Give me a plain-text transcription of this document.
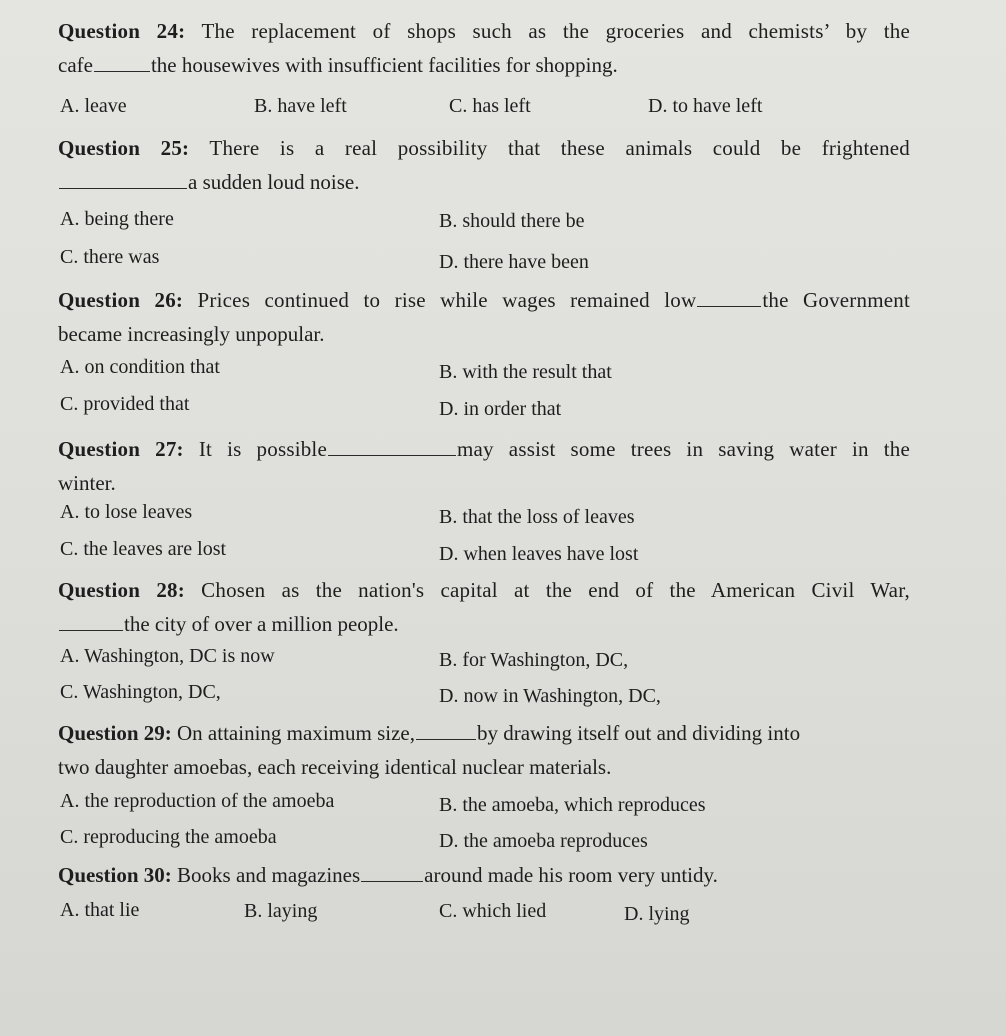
Question 24: The replacement of shops such as the groceries and chemists’ by the
cafe	the housewives with insufficient facilities for shopping.
A. leave	B. have left	C. has left	D. to have left
Question 25: There is a real possibility that these animals could be frightened
a sudden loud noise.
A. being there	B. should there be
C. there was	D. there have been
Question 26: Prices continued to rise while wages remained low	the Government
became increasingly unpopular.
A. on condition that	B. with the result that
C. provided that	D. in order that
Question 27: It is possible	may assist some trees in saving water in the
winter.
A. to lose leaves	B. that the loss of leaves
C. the leaves are lost	D. when leaves have lost
Question 28: Chosen as the nation's capital at the end of the American Civil War,
the city of over a million people.
A. Washington, DC is now	B. for Washington, DC,
C. Washington, DC,	D. now in Washington, DC,
Question 29: On attaining maximum size,	by drawing itself out and dividing into
two daughter amoebas, each receiving identical nuclear materials.
A. the reproduction of the amoeba	B. the amoeba, which reproduces
C. reproducing the amoeba	D. the amoeba reproduces
Question 30: Books and magazines	around made his room very untidy.
A. that lie	B. laying	C. which lied	D. lying
